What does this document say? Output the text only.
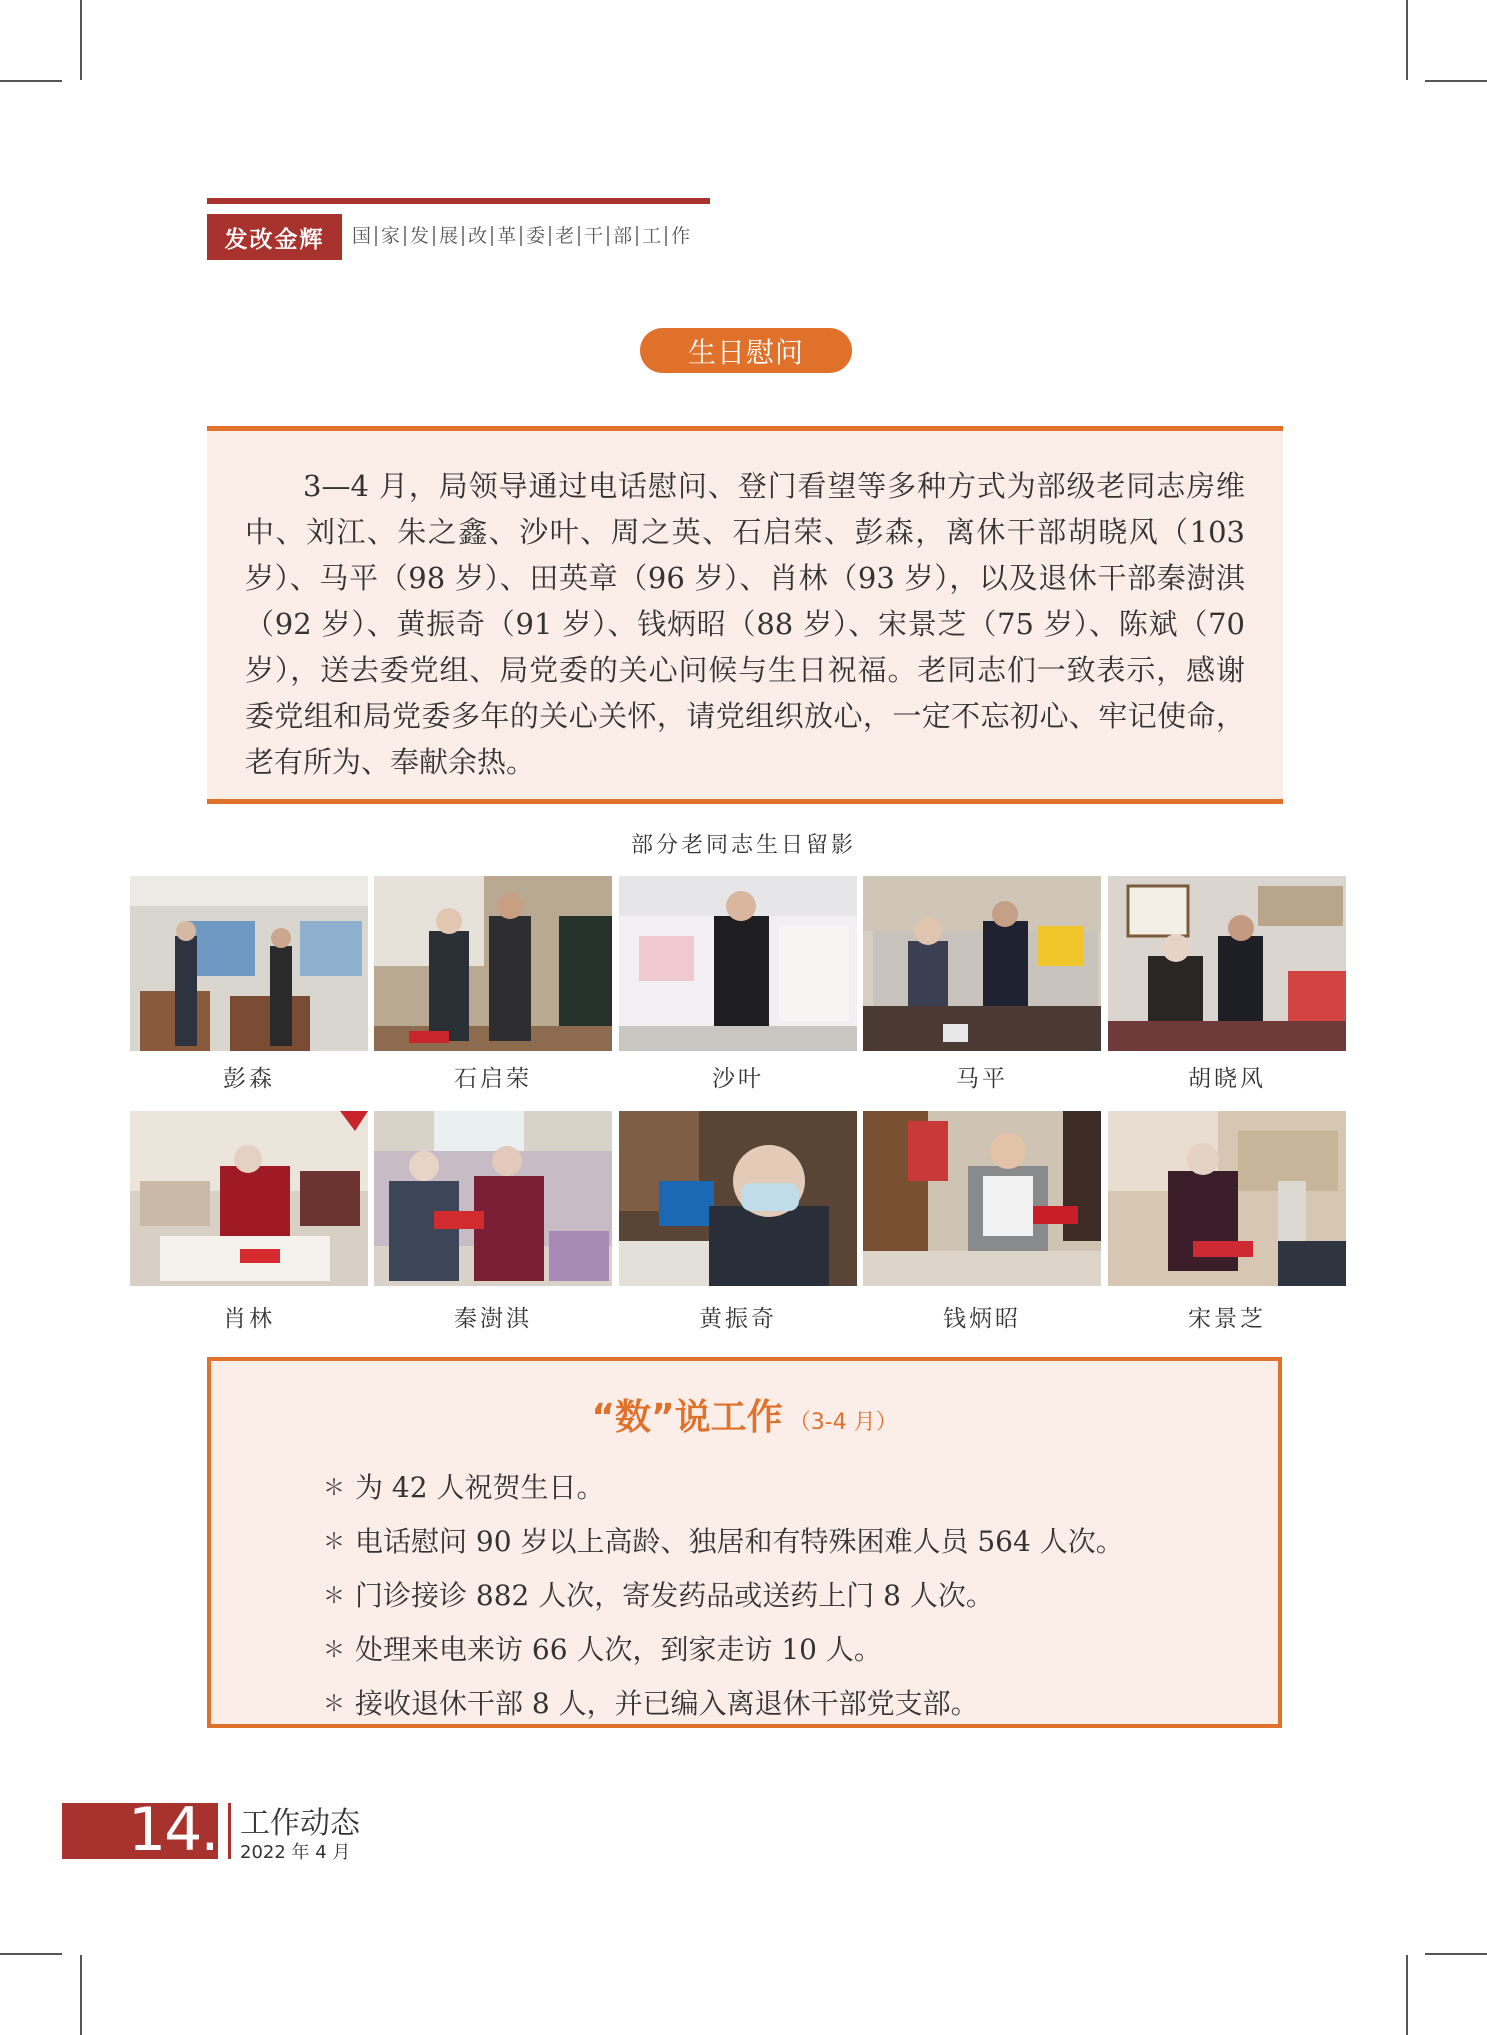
发改金辉	国 家 发 展 改 革 委 老 干 部 工 作
生日慰问

3—4 月，局领导通过电话慰问、登门看望等多种方式为部级老同志房维中、刘江、朱之鑫、沙叶、周之英、石启荣、彭森，离休干部胡晓风（103 岁）、马平（98 岁）、田英章（96 岁）、肖林（93 岁），以及退休干部秦澍淇（92 岁）、黄振奇（91 岁）、钱炳昭（88 岁）、宋景芝（75 岁）、陈斌（70 岁），送去委党组、局党委的关心问候与生日祝福。老同志们一致表示，感谢委党组和局党委多年的关心关怀，请党组织放心，一定不忘初心、牢记使命，老有所为、奉献余热。

部分老同志生日留影
彭森	石启荣	沙叶	马平	胡晓风
肖林	秦澍淇	黄振奇	钱炳昭	宋景芝
“数”说工作 （3-4 月）
＊ 为 42 人祝贺生日。
＊ 电话慰问 90 岁以上高龄、独居和有特殊困难人员 564 人次。
＊ 门诊接诊 882 人次，寄发药品或送药上门 8 人次。
＊ 处理来电来访 66 人次，到家走访 10 人。
＊ 接收退休干部 8 人，并已编入离退休干部党支部。
14. 工作动态
2022 年 4 月
